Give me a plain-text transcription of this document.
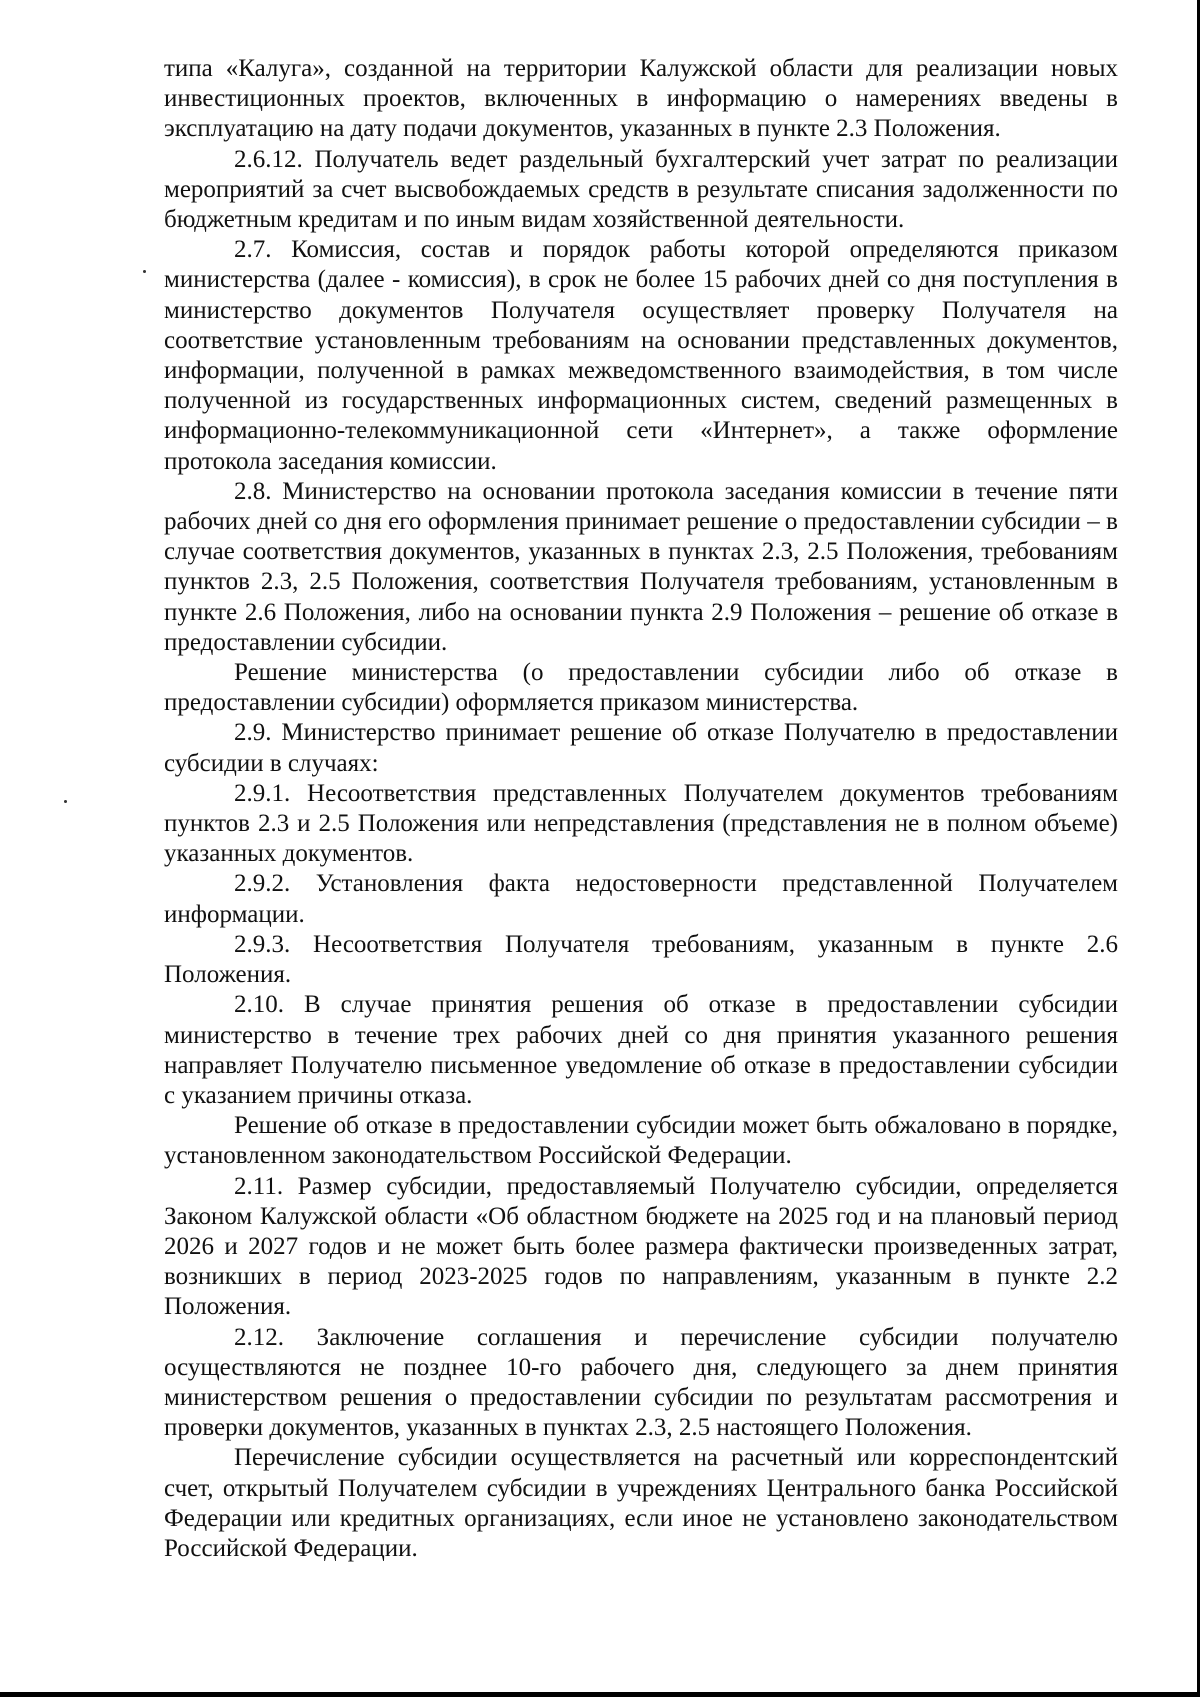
типа «Калуга», созданной на территории Калужской области для реализации новых инвестиционных проектов, включенных в информацию о намерениях введены в эксплуатацию на дату подачи документов, указанных в пункте 2.3 Положения.

2.6.12. Получатель ведет раздельный бухгалтерский учет затрат по реализации мероприятий за счет высвобождаемых средств в результате списания задолженности по бюджетным кредитам и по иным видам хозяйственной деятельности.

2.7. Комиссия, состав и порядок работы которой определяются приказом министерства (далее - комиссия), в срок не более 15 рабочих дней со дня поступления в министерство документов Получателя осуществляет проверку Получателя на соответствие установленным требованиям на основании представленных документов, информации, полученной в рамках межведомственного взаимодействия, в том числе полученной из государственных информационных систем, сведений размещенных в информационно-телекоммуникационной сети «Интернет», а также оформление протокола заседания комиссии.

2.8. Министерство на основании протокола заседания комиссии в течение пяти рабочих дней со дня его оформления принимает решение о предоставлении субсидии – в случае соответствия документов, указанных в пунктах 2.3, 2.5 Положения, требованиям пунктов 2.3, 2.5 Положения, соответствия Получателя требованиям, установленным в пункте 2.6 Положения, либо на основании пункта 2.9 Положения – решение об отказе в предоставлении субсидии.

Решение министерства (о предоставлении субсидии либо об отказе в предоставлении субсидии) оформляется приказом министерства.

2.9. Министерство принимает решение об отказе Получателю в предоставлении субсидии в случаях:

2.9.1. Несоответствия представленных Получателем документов требованиям пунктов 2.3 и 2.5 Положения или непредставления (представления не в полном объеме) указанных документов.

2.9.2. Установления факта недостоверности представленной Получателем информации.

2.9.3. Несоответствия Получателя требованиям, указанным в пункте 2.6 Положения.

2.10. В случае принятия решения об отказе в предоставлении субсидии министерство в течение трех рабочих дней со дня принятия указанного решения направляет Получателю письменное уведомление об отказе в предоставлении субсидии с указанием причины отказа.

Решение об отказе в предоставлении субсидии может быть обжаловано в порядке, установленном законодательством Российской Федерации.

2.11. Размер субсидии, предоставляемый Получателю субсидии, определяется Законом Калужской области «Об областном бюджете на 2025 год и на плановый период 2026 и 2027 годов и не может быть более размера фактически произведенных затрат, возникших в период 2023-2025 годов по направлениям, указанным в пункте 2.2 Положения.

2.12. Заключение соглашения и перечисление субсидии получателю осуществляются не позднее 10-го рабочего дня, следующего за днем принятия министерством решения о предоставлении субсидии по результатам рассмотрения и проверки документов, указанных в пунктах 2.3, 2.5 настоящего Положения.

Перечисление субсидии осуществляется на расчетный или корреспондентский счет, открытый Получателем субсидии в учреждениях Центрального банка Российской Федерации или кредитных организациях, если иное не установлено законодательством Российской Федерации.
